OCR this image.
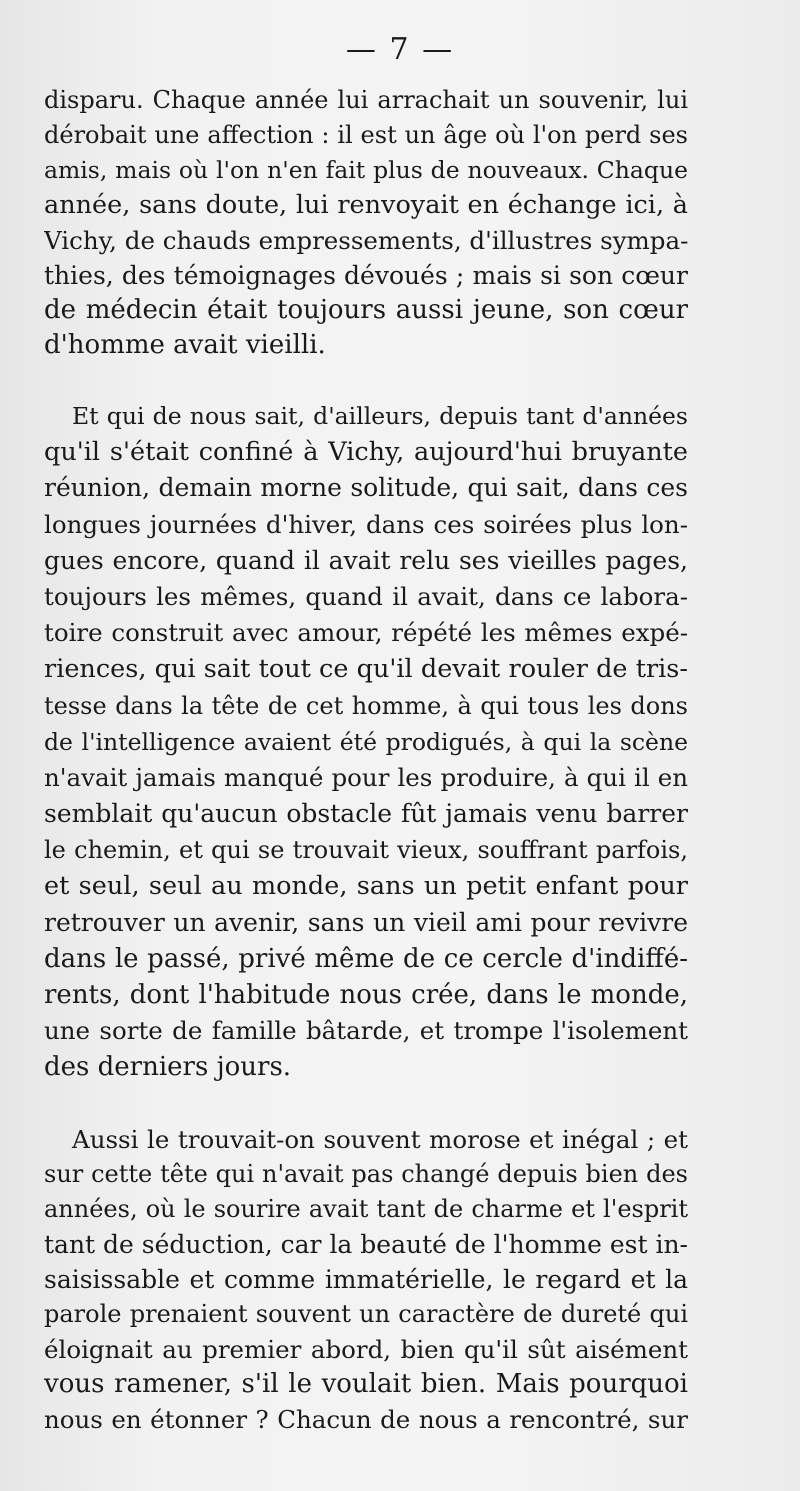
— 7 —
disparu. Chaque année lui arrachait un souvenir, lui
dérobait une affection : il est un âge où l'on perd ses
amis, mais où l'on n'en fait plus de nouveaux. Chaque
année, sans doute, lui renvoyait en échange ici, à
Vichy, de chauds empressements, d'illustres sympa-
thies, des témoignages dévoués ; mais si son cœur
de médecin était toujours aussi jeune, son cœur
d'homme avait vieilli.
Et qui de nous sait, d'ailleurs, depuis tant d'années
qu'il s'était confiné à Vichy, aujourd'hui bruyante
réunion, demain morne solitude, qui sait, dans ces
longues journées d'hiver, dans ces soirées plus lon-
gues encore, quand il avait relu ses vieilles pages,
toujours les mêmes, quand il avait, dans ce labora-
toire construit avec amour, répété les mêmes expé-
riences, qui sait tout ce qu'il devait rouler de tris-
tesse dans la tête de cet homme, à qui tous les dons
de l'intelligence avaient été prodigués, à qui la scène
n'avait jamais manqué pour les produire, à qui il en
semblait qu'aucun obstacle fût jamais venu barrer
le chemin, et qui se trouvait vieux, souffrant parfois,
et seul, seul au monde, sans un petit enfant pour
retrouver un avenir, sans un vieil ami pour revivre
dans le passé, privé même de ce cercle d'indiffé-
rents, dont l'habitude nous crée, dans le monde,
une sorte de famille bâtarde, et trompe l'isolement
des derniers jours.
Aussi le trouvait-on souvent morose et inégal ; et
sur cette tête qui n'avait pas changé depuis bien des
années, où le sourire avait tant de charme et l'esprit
tant de séduction, car la beauté de l'homme est in-
saisissable et comme immatérielle, le regard et la
parole prenaient souvent un caractère de dureté qui
éloignait au premier abord, bien qu'il sût aisément
vous ramener, s'il le voulait bien. Mais pourquoi
nous en étonner ? Chacun de nous a rencontré, sur
